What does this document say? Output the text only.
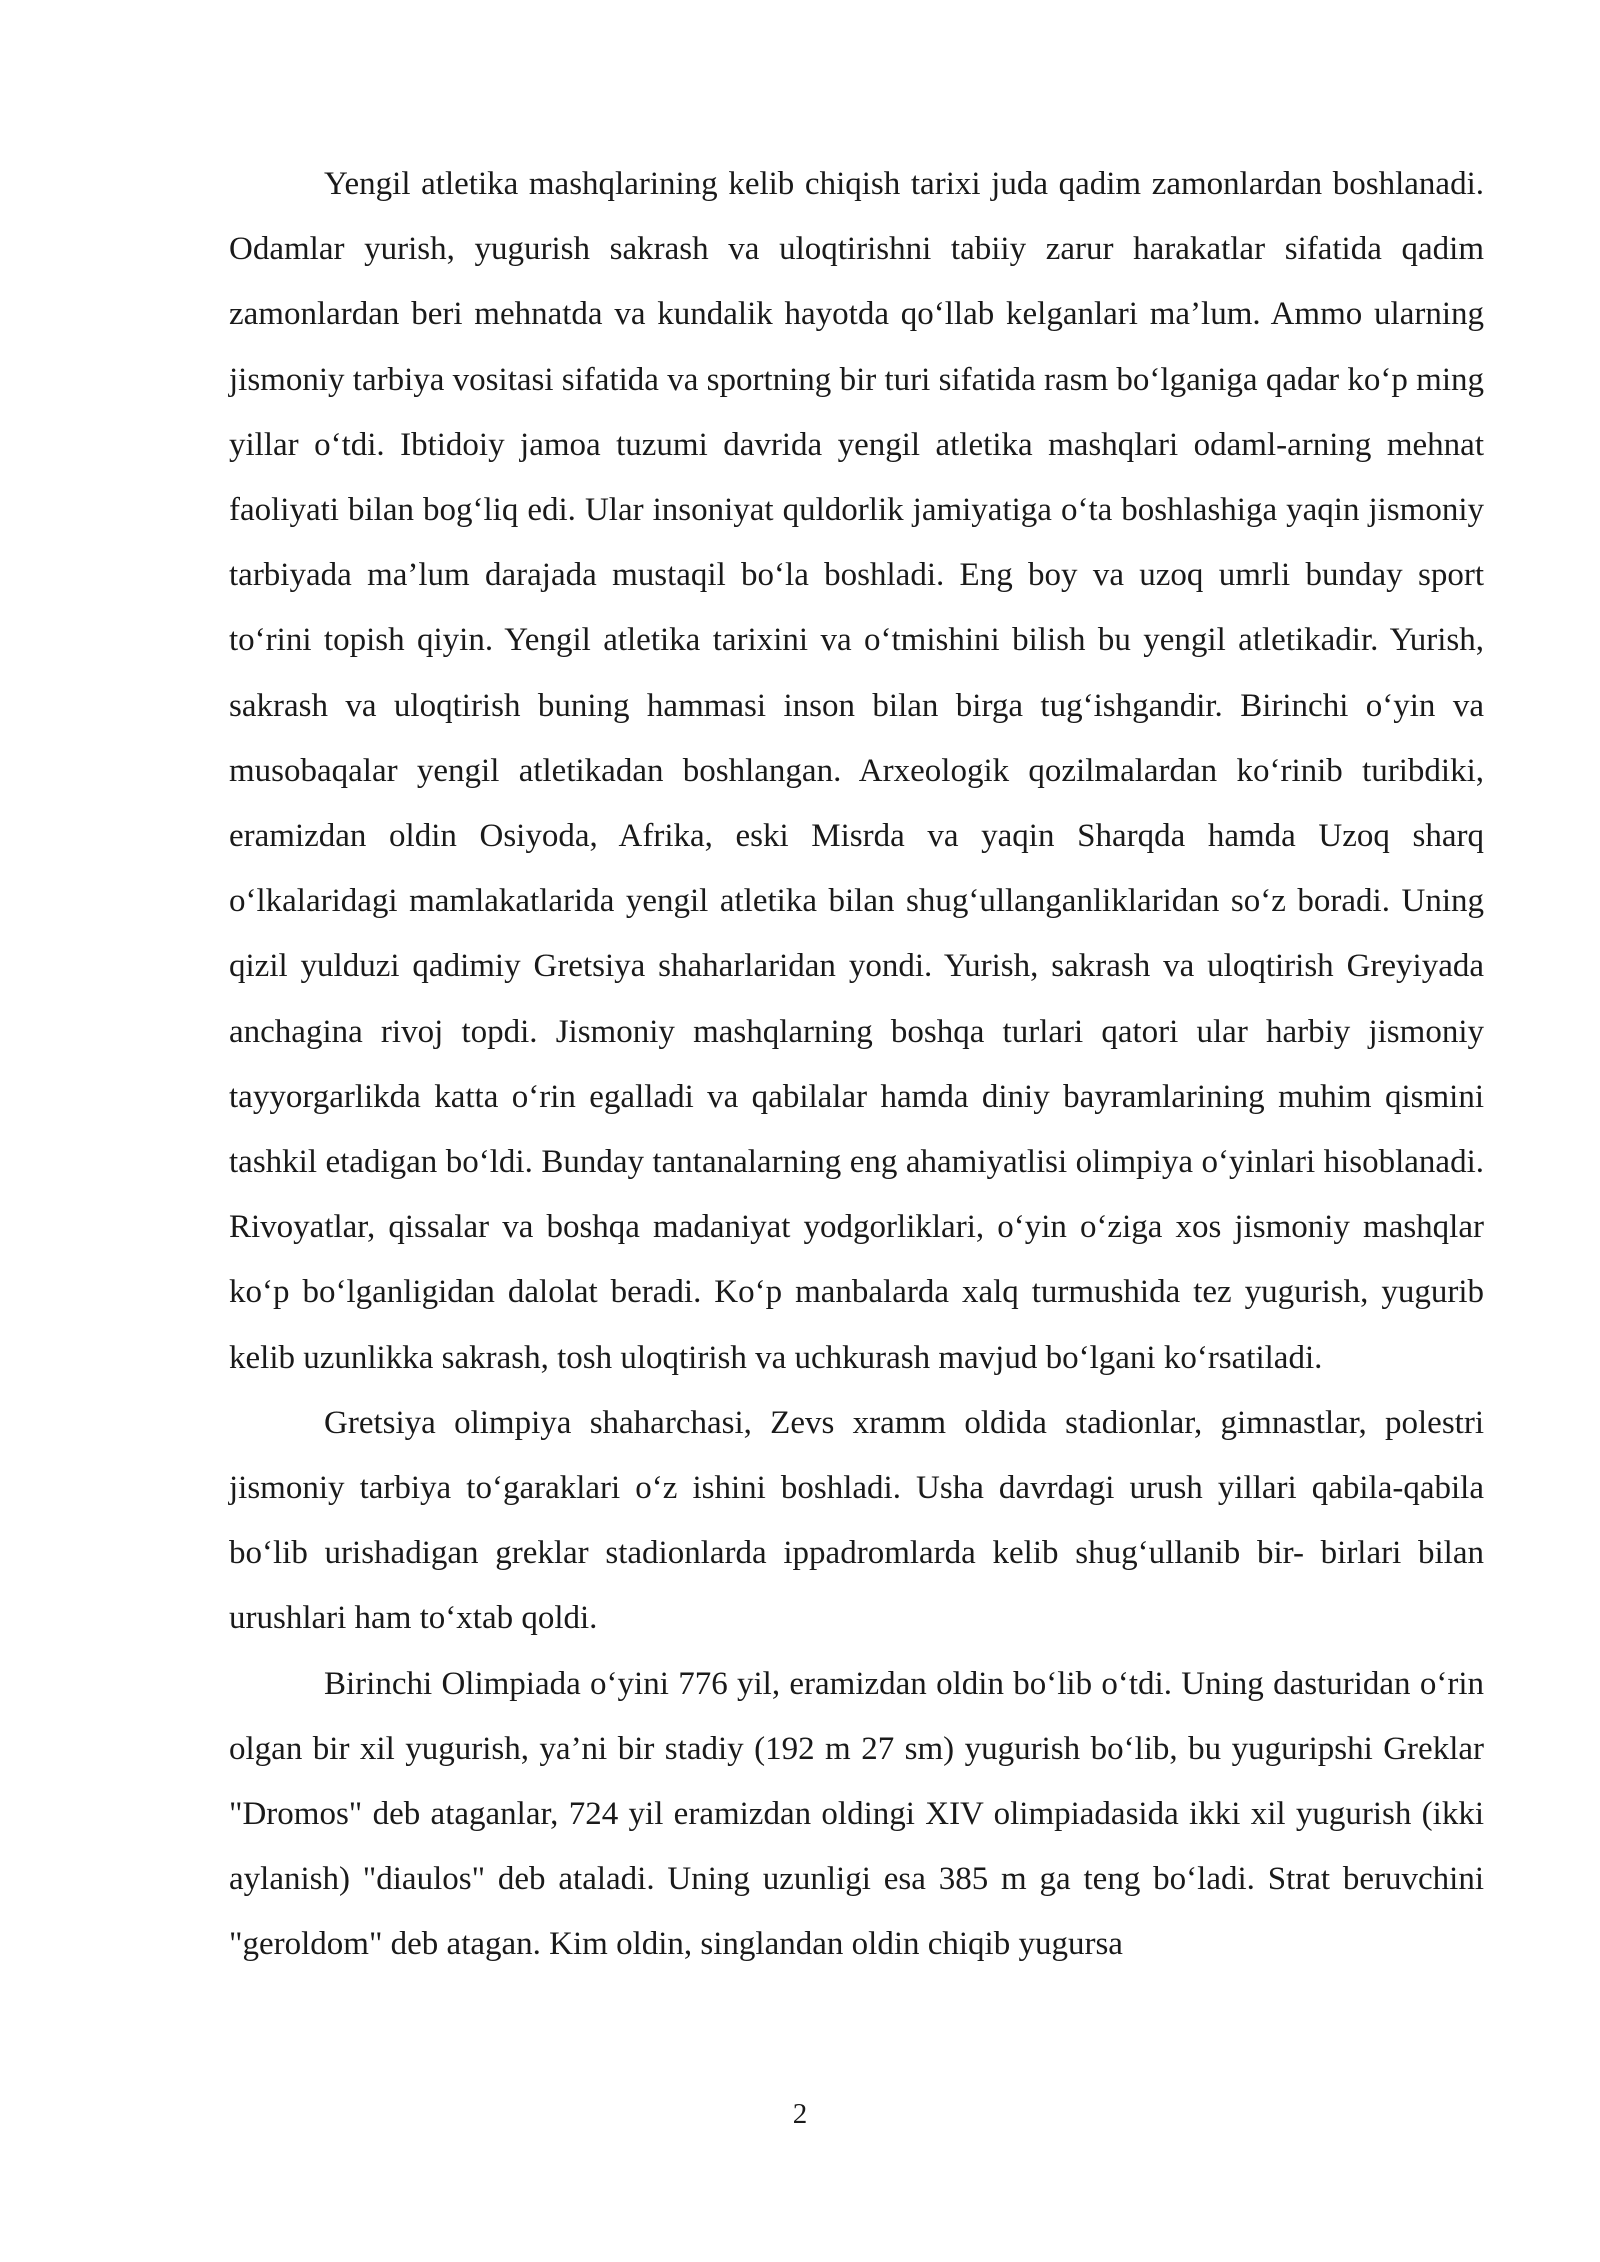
Yengil atletika mashqlarining kelib chiqish tarixi juda qadim zamonlardan boshlanadi. Odamlar yurish, yugurish sakrash va uloqtirishni tabiiy zarur harakatlar sifatida qadim zamonlardan beri mehnatda va kundalik hayotda qo‘llab kelganlari ma’lum. Ammo ularning jismoniy tarbiya vositasi sifatida va sportning bir turi sifatida rasm bo‘lganiga qadar ko‘p ming yillar o‘tdi. Ibtidoiy jamoa tuzumi davrida yengil atletika mashqlari odaml-arning mehnat faoliyati bilan bog‘liq edi. Ular insoniyat quldorlik jamiyatiga o‘ta boshlashiga yaqin jismoniy tarbiyada ma’lum darajada mustaqil bo‘la boshladi. Eng boy va uzoq umrli bunday sport to‘rini topish qiyin. Yengil atletika tarixini va o‘tmishini bilish bu yengil atletikadir. Yurish, sakrash va uloqtirish buning hammasi inson bilan birga tug‘ishgandir. Birinchi o‘yin va musobaqalar yengil atletikadan boshlangan. Arxeologik qozilmalardan ko‘rinib turibdiki, eramizdan oldin Osiyoda, Afrika, eski Misrda va yaqin Sharqda hamda Uzoq sharq o‘lkalaridagi mamlakatlarida yengil atletika bilan shug‘ullanganliklaridan so‘z boradi. Uning qizil yulduzi qadimiy Gretsiya shaharlaridan yondi. Yurish, sakrash va uloqtirish Greyiyada anchagina rivoj topdi. Jismoniy mashqlarning boshqa turlari qatori ular harbiy jismoniy tayyorgarlikda katta o‘rin egalladi va qabilalar hamda diniy bayramlarining muhim qismini tashkil etadigan bo‘ldi. Bunday tantanalarning eng ahamiyatlisi olimpiya o‘yinlari hisoblanadi. Rivoyatlar, qissalar va boshqa madaniyat yodgorliklari, o‘yin o‘ziga xos jismoniy mashqlar ko‘p bo‘lganligidan dalolat beradi. Ko‘p manbalarda xalq turmushida tez yugurish, yugurib kelib uzunlikka sakrash, tosh uloqtirish va uchkurash mavjud bo‘lgani ko‘rsatiladi.

Gretsiya olimpiya shaharchasi, Zevs xramm oldida stadionlar, gimnastlar, polestri jismoniy tarbiya to‘garaklari o‘z ishini boshladi. Usha davrdagi urush yillari qabila-qabila bo‘lib urishadigan greklar stadionlarda ippadromlarda kelib shug‘ullanib bir- birlari bilan urushlari ham to‘xtab qoldi.

Birinchi Olimpiada o‘yini 776 yil, eramizdan oldin bo‘lib o‘tdi. Uning dasturidan o‘rin olgan bir xil yugurish, ya’ni bir stadiy (192 m 27 sm) yugurish bo‘lib, bu yuguripshi Greklar "Dromos" deb ataganlar, 724 yil eramizdan oldingi XIV olimpiadasida ikki xil yugurish (ikki aylanish) "diaulos" deb ataladi. Uning uzunligi esa 385 m ga teng bo‘ladi. Strat beruvchini "geroldom" deb atagan. Kim oldin, singlandan oldin chiqib yugursa

2
